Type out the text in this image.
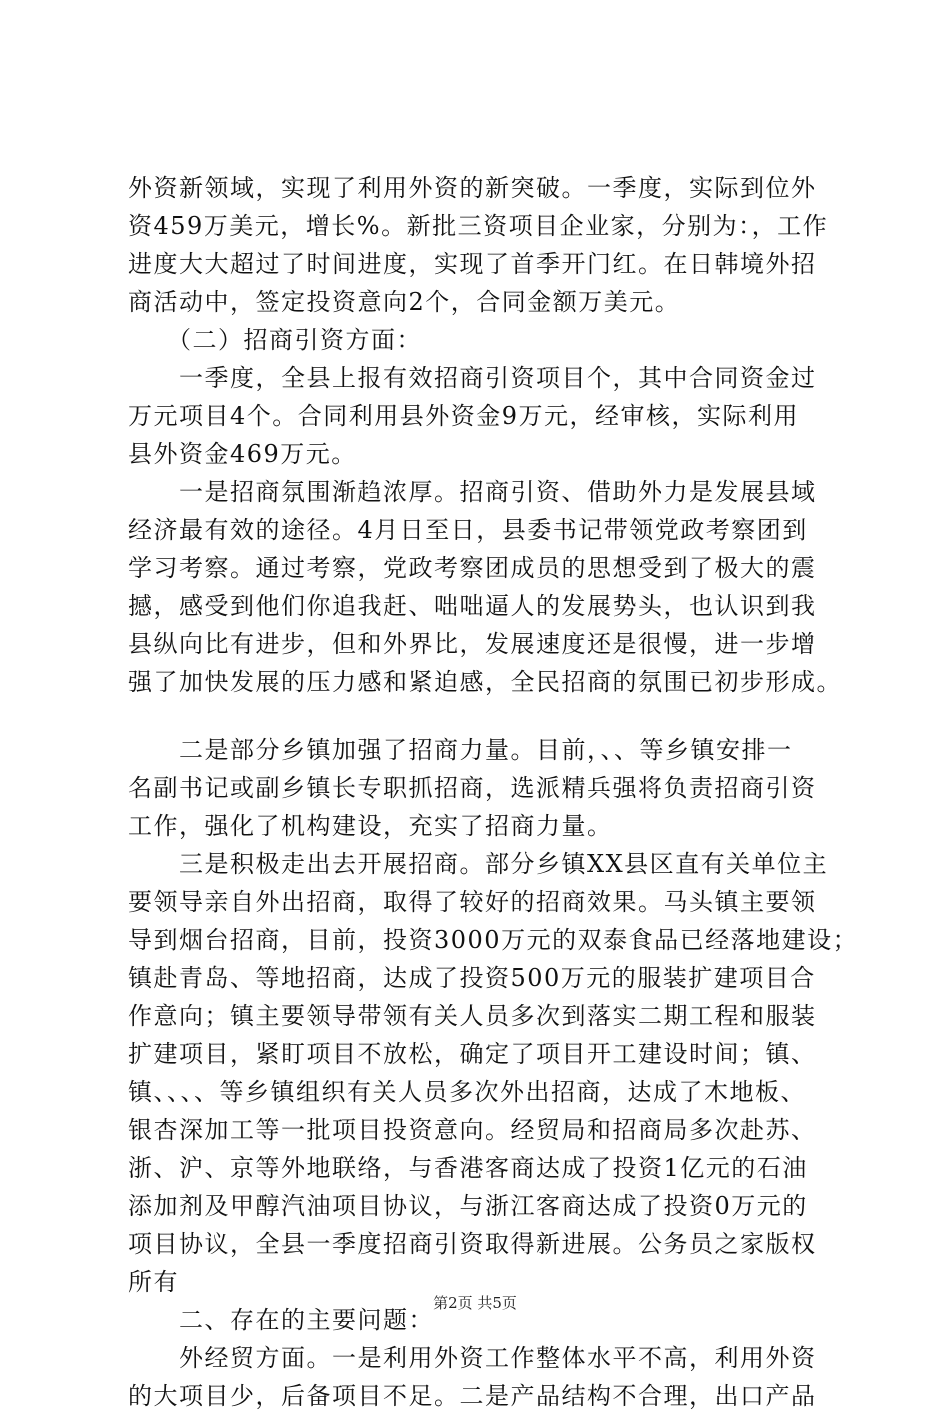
外资新领域，实现了利用外资的新突破。一季度，实际到位外
资459万美元，增长%。新批三资项目企业家，分别为：，工作
进度大大超过了时间进度，实现了首季开门红。在日韩境外招
商活动中，签定投资意向2个，合同金额万美元。
　　（二）招商引资方面：
　　一季度，全县上报有效招商引资项目个，其中合同资金过
万元项目4个。合同利用县外资金9万元，经审核，实际利用
县外资金469万元。
　　一是招商氛围渐趋浓厚。招商引资、借助外力是发展县域
经济最有效的途径。4月日至日，县委书记带领党政考察团到
学习考察。通过考察，党政考察团成员的思想受到了极大的震
撼，感受到他们你追我赶、咄咄逼人的发展势头，也认识到我
县纵向比有进步，但和外界比，发展速度还是很慢，进一步增
强了加快发展的压力感和紧迫感，全民招商的氛围已初步形成。
　　二是部分乡镇加强了招商力量。目前，、、等乡镇安排一
名副书记或副乡镇长专职抓招商，选派精兵强将负责招商引资
工作，强化了机构建设，充实了招商力量。
　　三是积极走出去开展招商。部分乡镇XX县区直有关单位主
要领导亲自外出招商，取得了较好的招商效果。马头镇主要领
导到烟台招商，目前，投资3000万元的双泰食品已经落地建设；
镇赴青岛、等地招商，达成了投资500万元的服装扩建项目合
作意向；镇主要领导带领有关人员多次到落实二期工程和服装
扩建项目，紧盯项目不放松，确定了项目开工建设时间；镇、
镇、、、、等乡镇组织有关人员多次外出招商，达成了木地板、
银杏深加工等一批项目投资意向。经贸局和招商局多次赴苏、
浙、沪、京等外地联络，与香港客商达成了投资1亿元的石油
添加剂及甲醇汽油项目协议，与浙江客商达成了投资0万元的
项目协议，全县一季度招商引资取得新进展。公务员之家版权
所有
　　二、存在的主要问题：
　　外经贸方面。一是利用外资工作整体水平不高，利用外资
的大项目少，后备项目不足。二是产品结构不合理，出口产品
第2页 共5页
